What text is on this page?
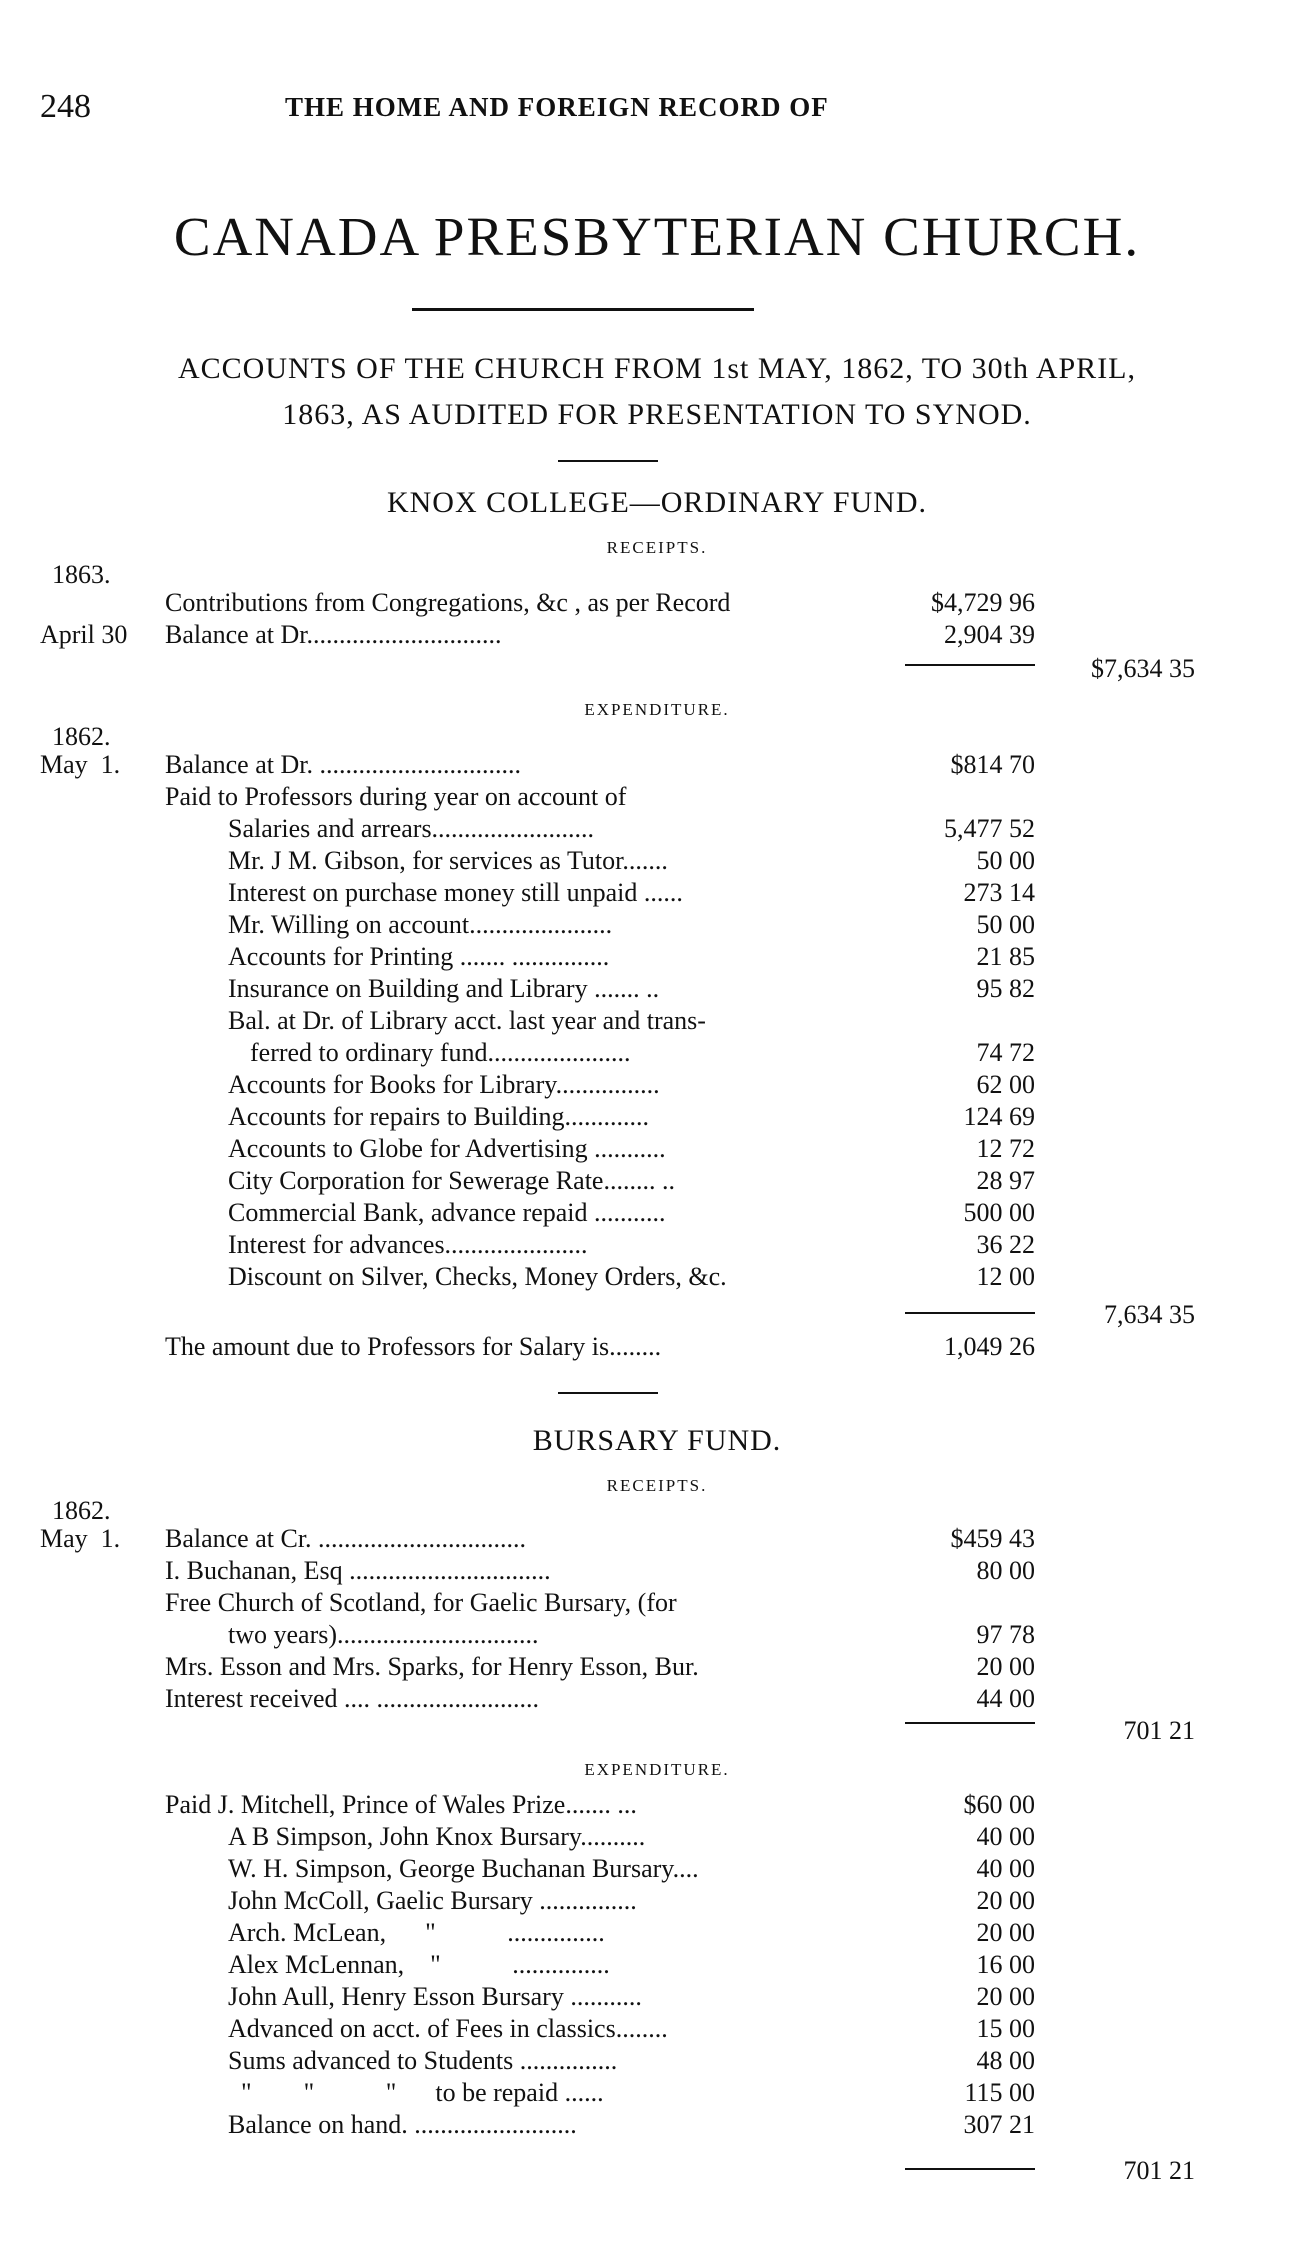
248	THE HOME AND FOREIGN RECORD OF
CANADA PRESBYTERIAN CHURCH.
ACCOUNTS OF THE CHURCH FROM 1st MAY, 1862, TO 30th APRIL,
1863, AS AUDITED FOR PRESENTATION TO SYNOD.
KNOX COLLEGE—ORDINARY FUND.
RECEIPTS.
1863.
Contributions from Congregations, &c , as per Record	$4,729 96
April 30 Balance at Dr..............................	2,904 39
$7,634 35
EXPENDITURE.
1862.
May  1. Balance at Dr. ...............................	$814 70
Paid to Professors during year on account of
Salaries and arrears.........................	5,477 52
Mr. J M. Gibson, for services as Tutor.......	50 00
Interest on purchase money still unpaid ......	273 14
Mr. Willing on account......................	50 00
Accounts for Printing ....... ...............	21 85
Insurance on Building and Library ....... ..	95 82
Bal. at Dr. of Library acct. last year and trans-
ferred to ordinary fund......................	74 72
Accounts for Books for Library................	62 00
Accounts for repairs to Building.............	124 69
Accounts to Globe for Advertising ...........	12 72
City Corporation for Sewerage Rate........ ..	28 97
Commercial Bank, advance repaid ...........	500 00
Interest for advances......................	36 22
Discount on Silver, Checks, Money Orders, &c.	12 00
7,634 35
The amount due to Professors for Salary is........	1,049 26
BURSARY FUND.
RECEIPTS.
1862.
May  1. Balance at Cr. ................................	$459 43
I. Buchanan, Esq ...............................	80 00
Free Church of Scotland, for Gaelic Bursary, (for
two years)...............................	97 78
Mrs. Esson and Mrs. Sparks, for Henry Esson, Bur.	20 00
Interest received .... .........................	44 00
701 21
EXPENDITURE.
Paid J. Mitchell, Prince of Wales Prize....... ...	$60 00
A B Simpson, John Knox Bursary..........	40 00
W. H. Simpson, George Buchanan Bursary....	40 00
John McColl, Gaelic Bursary ...............	20 00
Arch. McLean,      "           ...............	20 00
Alex McLennan,    "           ...............	16 00
John Aull, Henry Esson Bursary ...........	20 00
Advanced on acct. of Fees in classics........	15 00
Sums advanced to Students ...............	48 00
"        "           "      to be repaid ......	115 00
Balance on hand. .........................	307 21
701 21
